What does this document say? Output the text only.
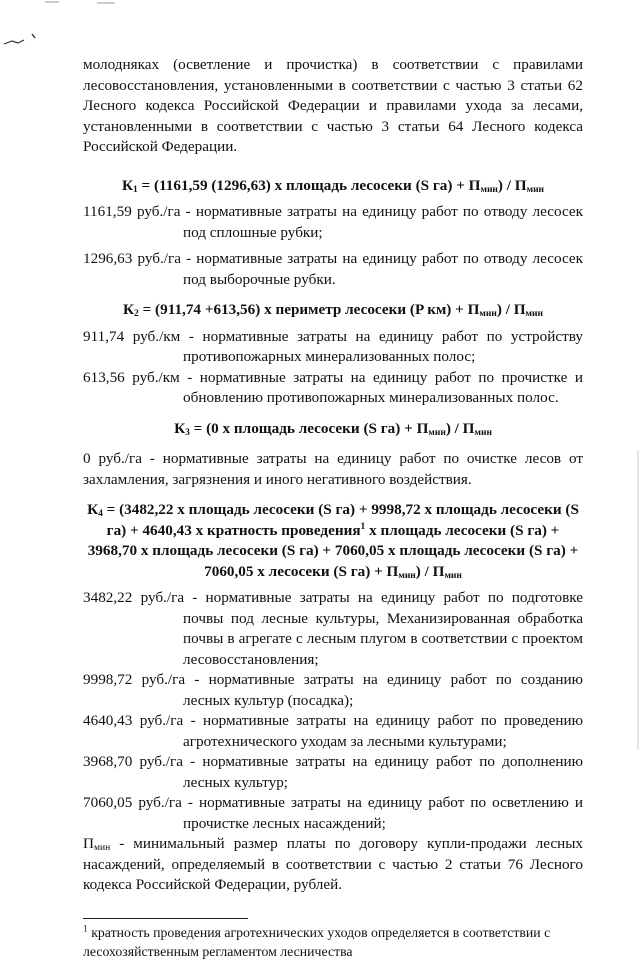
молодняках (осветление и прочистка) в соответствии с правилами лесовосстановления, установленными в соответствии с частью 3 статьи 62 Лесного кодекса Российской Федерации и правилами ухода за лесами, установленными в соответствии с частью 3 статьи 64 Лесного кодекса Российской Федерации.

$К_1 = (1161,59$ (1296,63) x площадь лесосеки (S $га) + П_{мин}) / П_{мин}$

1161,59 руб./га - нормативные затраты на единицу работ по отводу лесосек под сплошные рубки;

1296,63 руб./га - нормативные затраты на единицу работ по отводу лесосек под выборочные рубки.

$К_2 = (911,74 +613,56)$ x периметр лесосеки (P $км) + П_{мин}) / П_{мин}$

911,74 руб./км - нормативные затраты на единицу работ по устройству противопожарных минерализованных полос;

613,56 руб./км - нормативные затраты на единицу работ по прочистке и обновлению противопожарных минерализованных полос.

$К_3 = (0$ x площадь лесосеки (S $га) + П_{мин}) / П_{мин}$

0 руб./га - нормативные затраты на единицу работ по очистке лесов от захламления, загрязнения и иного негативного воздействия.

$К_4 = (3482,22$ x площадь лесосеки (S га) + 9998,72 x площадь лесосеки (S га) + 4640,43 x кратность проведения$^1$ x площадь лесосеки (S га) + 3968,70 x площадь лесосеки (S га) + 7060,05 x площадь лесосеки (S га) + 7060,05 x лесосеки (S $га) + П_{мин}) / П_{мин}$

3482,22 руб./га - нормативные затраты на единицу работ по подготовке почвы под лесные культуры, Механизированная обработка почвы в агрегате с лесным плугом в соответствии с проектом лесовосстановления;

9998,72 руб./га - нормативные затраты на единицу работ по созданию лесных культур (посадка);

4640,43 руб./га - нормативные затраты на единицу работ по проведению агротехнического уходам за лесными культурами;

3968,70 руб./га - нормативные затраты на единицу работ по дополнению лесных культур;

7060,05 руб./га - нормативные затраты на единицу работ по осветлению и прочистке лесных насаждений;

$П_{мин}$ - минимальный размер платы по договору купли-продажи лесных насаждений, определяемый в соответствии с частью 2 статьи 76 Лесного кодекса Российской Федерации, рублей.

$^1$ кратность проведения агротехнических уходов определяется в соответствии с лесохозяйственным регламентом лесничества
